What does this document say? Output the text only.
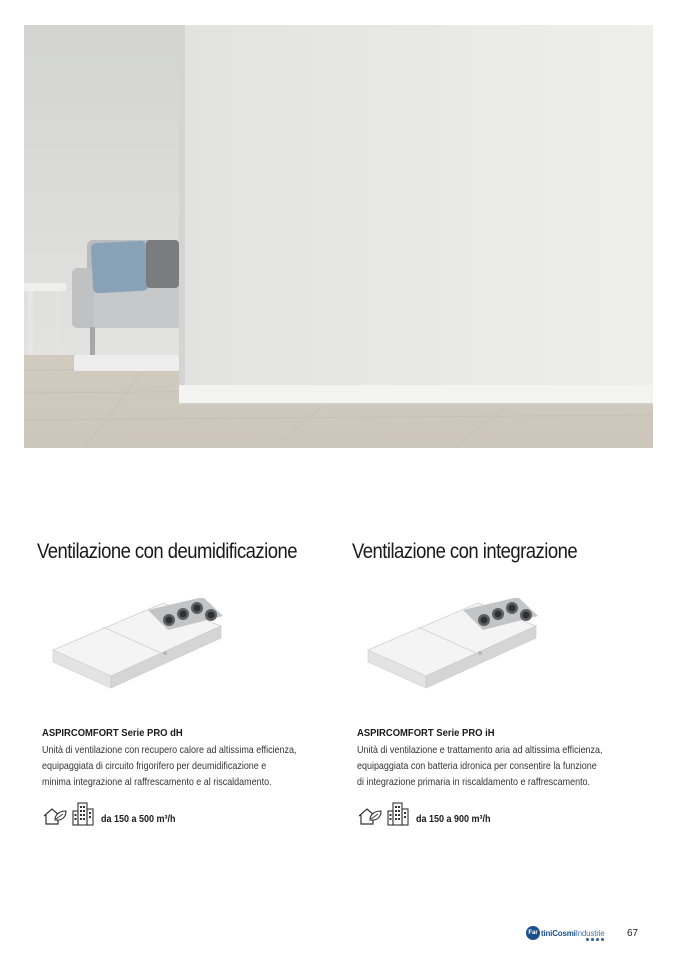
Ventilazione con deumidificazione
ASPIRCOMFORT Serie PRO dH
Unità di ventilazione con recupero calore ad altissima efficienza,
equipaggiata di circuito frigorifero per deumidificazione e
minima integrazione al raffrescamento e al riscaldamento.
da 150 a 500 m³/h
Ventilazione con integrazione
ASPIRCOMFORT Serie PRO iH
Unità di ventilazione e trattamento aria ad altissima efficienza,
equipaggiata con batteria idronica per consentire la funzione
di integrazione primaria in riscaldamento e raffrescamento.
da 150 a 900 m³/h
Far tiniCosmiIndustrie 67
